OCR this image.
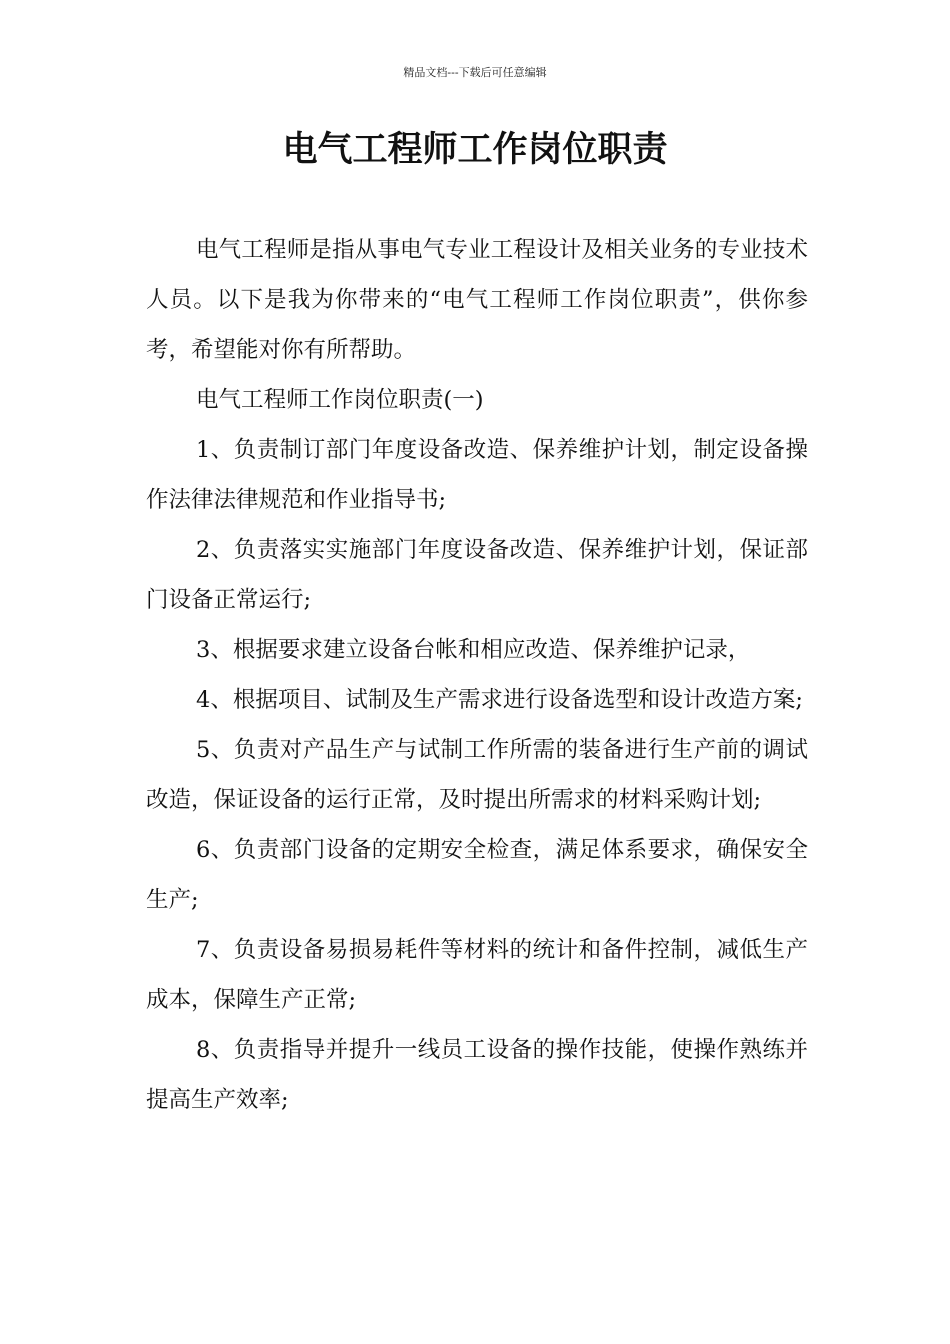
精品文档---下载后可任意编辑
电气工程师工作岗位职责

电气工程师是指从事电气专业工程设计及相关业务的专业技术人员。以下是我为你带来的“电气工程师工作岗位职责”，供你参考，希望能对你有所帮助。

电气工程师工作岗位职责(一)

1、负责制订部门年度设备改造、保养维护计划，制定设备操作法律法律规范和作业指导书;

2、负责落实实施部门年度设备改造、保养维护计划，保证部门设备正常运行;

3、根据要求建立设备台帐和相应改造、保养维护记录，

4、根据项目、试制及生产需求进行设备选型和设计改造方案;

5、负责对产品生产与试制工作所需的装备进行生产前的调试改造，保证设备的运行正常，及时提出所需求的材料采购计划;

6、负责部门设备的定期安全检查，满足体系要求，确保安全生产;

7、负责设备易损易耗件等材料的统计和备件控制，减低生产成本，保障生产正常;

8、负责指导并提升一线员工设备的操作技能，使操作熟练并提高生产效率;
